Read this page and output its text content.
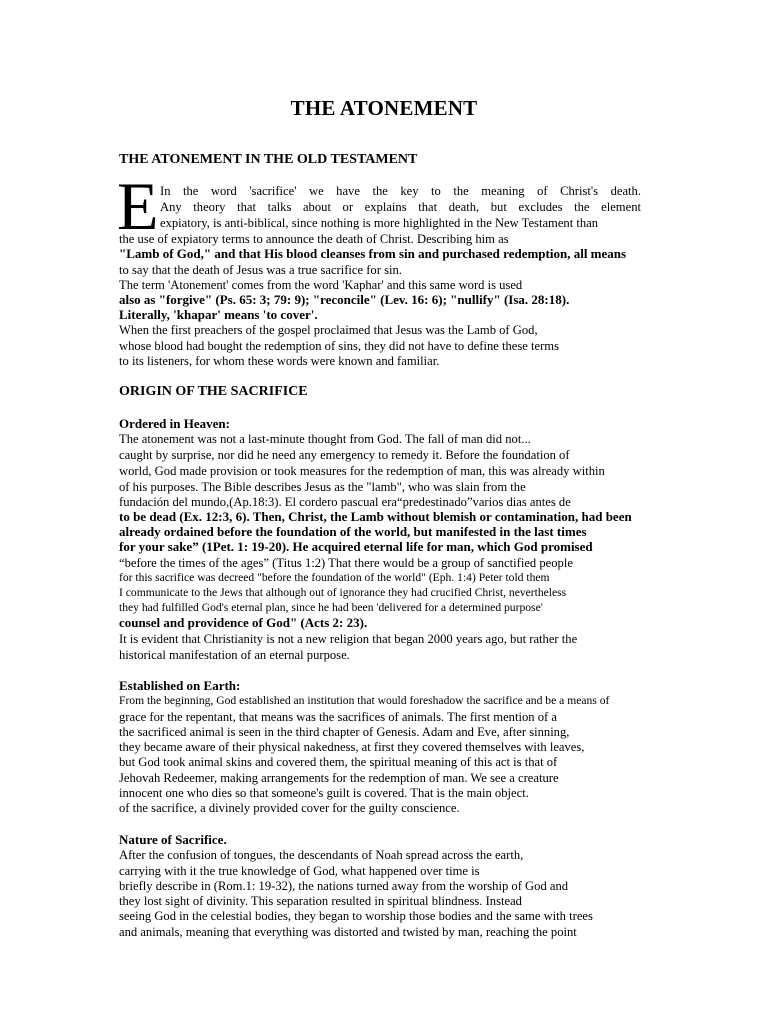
THE ATONEMENT
THE ATONEMENT IN THE OLD TESTAMENT
E In the word 'sacrifice' we have the key to the meaning of Christ's death.
Any theory that talks about or explains that death, but excludes the element
expiatory, is anti-biblical, since nothing is more highlighted in the New Testament than
the use of expiatory terms to announce the death of Christ. Describing him as
"Lamb of God," and that His blood cleanses from sin and purchased redemption, all means
to say that the death of Jesus was a true sacrifice for sin.
The term 'Atonement' comes from the word 'Kaphar' and this same word is used
also as "forgive" (Ps. 65: 3; 79: 9); "reconcile" (Lev. 16: 6); "nullify" (Isa. 28:18).
Literally, 'khapar' means 'to cover'.
When the first preachers of the gospel proclaimed that Jesus was the Lamb of God,
whose blood had bought the redemption of sins, they did not have to define these terms
to its listeners, for whom these words were known and familiar.
ORIGIN OF THE SACRIFICE
Ordered in Heaven:
The atonement was not a last-minute thought from God. The fall of man did not...
caught by surprise, nor did he need any emergency to remedy it. Before the foundation of
world, God made provision or took measures for the redemption of man, this was already within
of his purposes. The Bible describes Jesus as the "lamb", who was slain from the
fundación del mundo,(Ap.18:3). El cordero pascual era“predestinado”varios dias antes de
to be dead (Ex. 12:3, 6). Then, Christ, the Lamb without blemish or contamination, had been
already ordained before the foundation of the world, but manifested in the last times
for your sake” (1Pet. 1: 19-20). He acquired eternal life for man, which God promised
“before the times of the ages” (Titus 1:2) That there would be a group of sanctified people
for this sacrifice was decreed "before the foundation of the world" (Eph. 1:4) Peter told them
I communicate to the Jews that although out of ignorance they had crucified Christ, nevertheless
they had fulfilled God's eternal plan, since he had been 'delivered for a determined purpose'
counsel and providence of God" (Acts 2: 23).
It is evident that Christianity is not a new religion that began 2000 years ago, but rather the
historical manifestation of an eternal purpose.
Established on Earth:
From the beginning, God established an institution that would foreshadow the sacrifice and be a means of
grace for the repentant, that means was the sacrifices of animals. The first mention of a
the sacrificed animal is seen in the third chapter of Genesis. Adam and Eve, after sinning,
they became aware of their physical nakedness, at first they covered themselves with leaves,
but God took animal skins and covered them, the spiritual meaning of this act is that of
Jehovah Redeemer, making arrangements for the redemption of man. We see a creature
innocent one who dies so that someone's guilt is covered. That is the main object.
of the sacrifice, a divinely provided cover for the guilty conscience.
Nature of Sacrifice.
After the confusion of tongues, the descendants of Noah spread across the earth,
carrying with it the true knowledge of God, what happened over time is
briefly describe in (Rom.1: 19-32), the nations turned away from the worship of God and
they lost sight of divinity. This separation resulted in spiritual blindness. Instead
seeing God in the celestial bodies, they began to worship those bodies and the same with trees
and animals, meaning that everything was distorted and twisted by man, reaching the point
